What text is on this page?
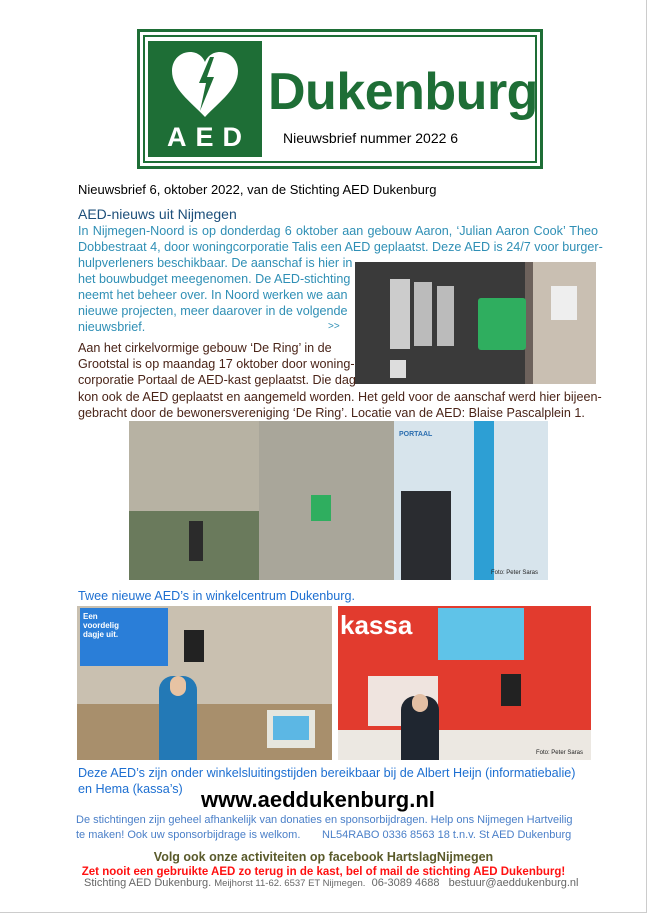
AED
Dukenburg
Nieuwsbrief nummer 2022 6
Nieuwsbrief 6, oktober 2022, van de Stichting AED Dukenburg
AED-nieuws uit Nijmegen
In Nijmegen-Noord is op donderdag 6 oktober aan gebouw Aaron, ‘Julian Aaron Cook’ Theo
Dobbestraat 4, door woningcorporatie Talis een AED geplaatst. Deze AED is 24/7 voor burger-
hulpverleners beschikbaar. De aanschaf is hier in
het bouwbudget meegenomen. De AED-stichting
neemt het beheer over. In Noord werken we aan
nieuwe projecten, meer daarover in de volgende
nieuwsbrief.	>>
Aan het cirkelvormige gebouw ‘De Ring’ in de
Grootstal is op maandag 17 oktober door woning-
corporatie Portaal de AED-kast geplaatst. Die dag
kon ook de AED geplaatst en aangemeld worden. Het geld voor de aanschaf werd hier bijeen-
gebracht door de bewonersvereniging ‘De Ring’. Locatie van de AED: Blaise Pascalplein 1.
PORTAAL
Foto: Peter Saras
Twee nieuwe AED’s in winkelcentrum Dukenburg.
Een voordelig dagje uit.	kassa
Foto: Peter Saras
Deze AED’s zijn onder winkelsluitingstijden bereikbaar bij de Albert Heijn (informatiebalie)
en Hema (kassa’s) www.aeddukenburg.nl
De stichtingen zijn geheel afhankelijk van donaties en sponsorbijdragen. Help ons Nijmegen Hartveilig
te maken! Ook uw sponsorbijdrage is welkom. NL54RABO 0336 8563 18 t.n.v. St AED Dukenburg
Volg ook onze activiteiten op facebook HartslagNijmegen
Zet nooit een gebruikte AED zo terug in de kast, bel of mail de stichting AED Dukenburg!
Stichting AED Dukenburg. Meijhorst 11-62. 6537 ET Nijmegen. 06-3089 4688 bestuur@aeddukenburg.nl
